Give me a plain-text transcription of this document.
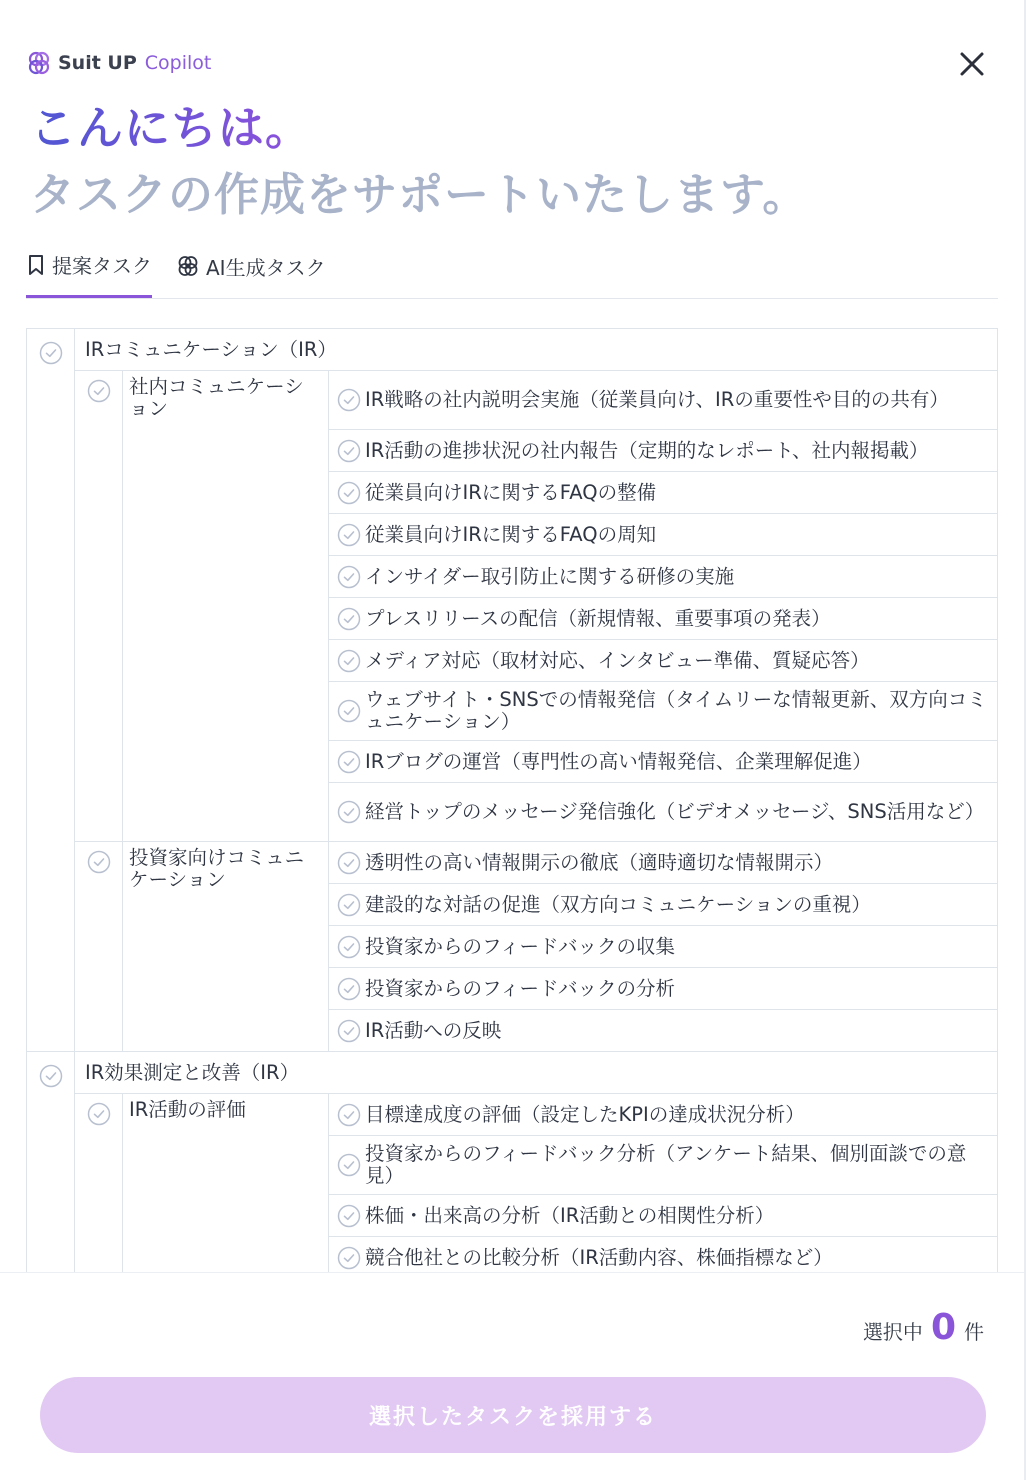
Suit UP Copilot
こんにちは。
タスクの作成をサポートいたします。
提案タスク	AI生成タスク
	IRコミュニケーション（IR）		
	社内コミュニケーション	IR戦略の社内説明会実施（従業員向け、IRの重要性や目的の共有）

			IR活動の進捗状況の社内報告（定期的なレポート、社内報掲載）

			従業員向けIRに関するFAQの整備

			従業員向けIRに関するFAQの周知

			インサイダー取引防止に関する研修の実施

			プレスリリースの配信（新規情報、重要事項の発表）

			メディア対応（取材対応、インタビュー準備、質疑応答）

			ウェブサイト・SNSでの情報発信（タイムリーな情報更新、双方向コミュニケーション）

			IRブログの運営（専門性の高い情報発信、企業理解促進）

			経営トップのメッセージ発信強化（ビデオメッセージ、SNS活用など）

	投資家向けコミュニケーション	透明性の高い情報開示の徹底（適時適切な情報開示）

			建設的な対話の促進（双方向コミュニケーションの重視）

			投資家からのフィードバックの収集

			投資家からのフィードバックの分析

			IR活動への反映

	IR効果測定と改善（IR）		
	IR活動の評価	目標達成度の評価（設定したKPIの達成状況分析）

			投資家からのフィードバック分析（アンケート結果、個別面談での意見）

			株価・出来高の分析（IR活動との相関性分析）

			競合他社との比較分析（IR活動内容、株価指標など）
選択中 0 件
選択したタスクを採用する
